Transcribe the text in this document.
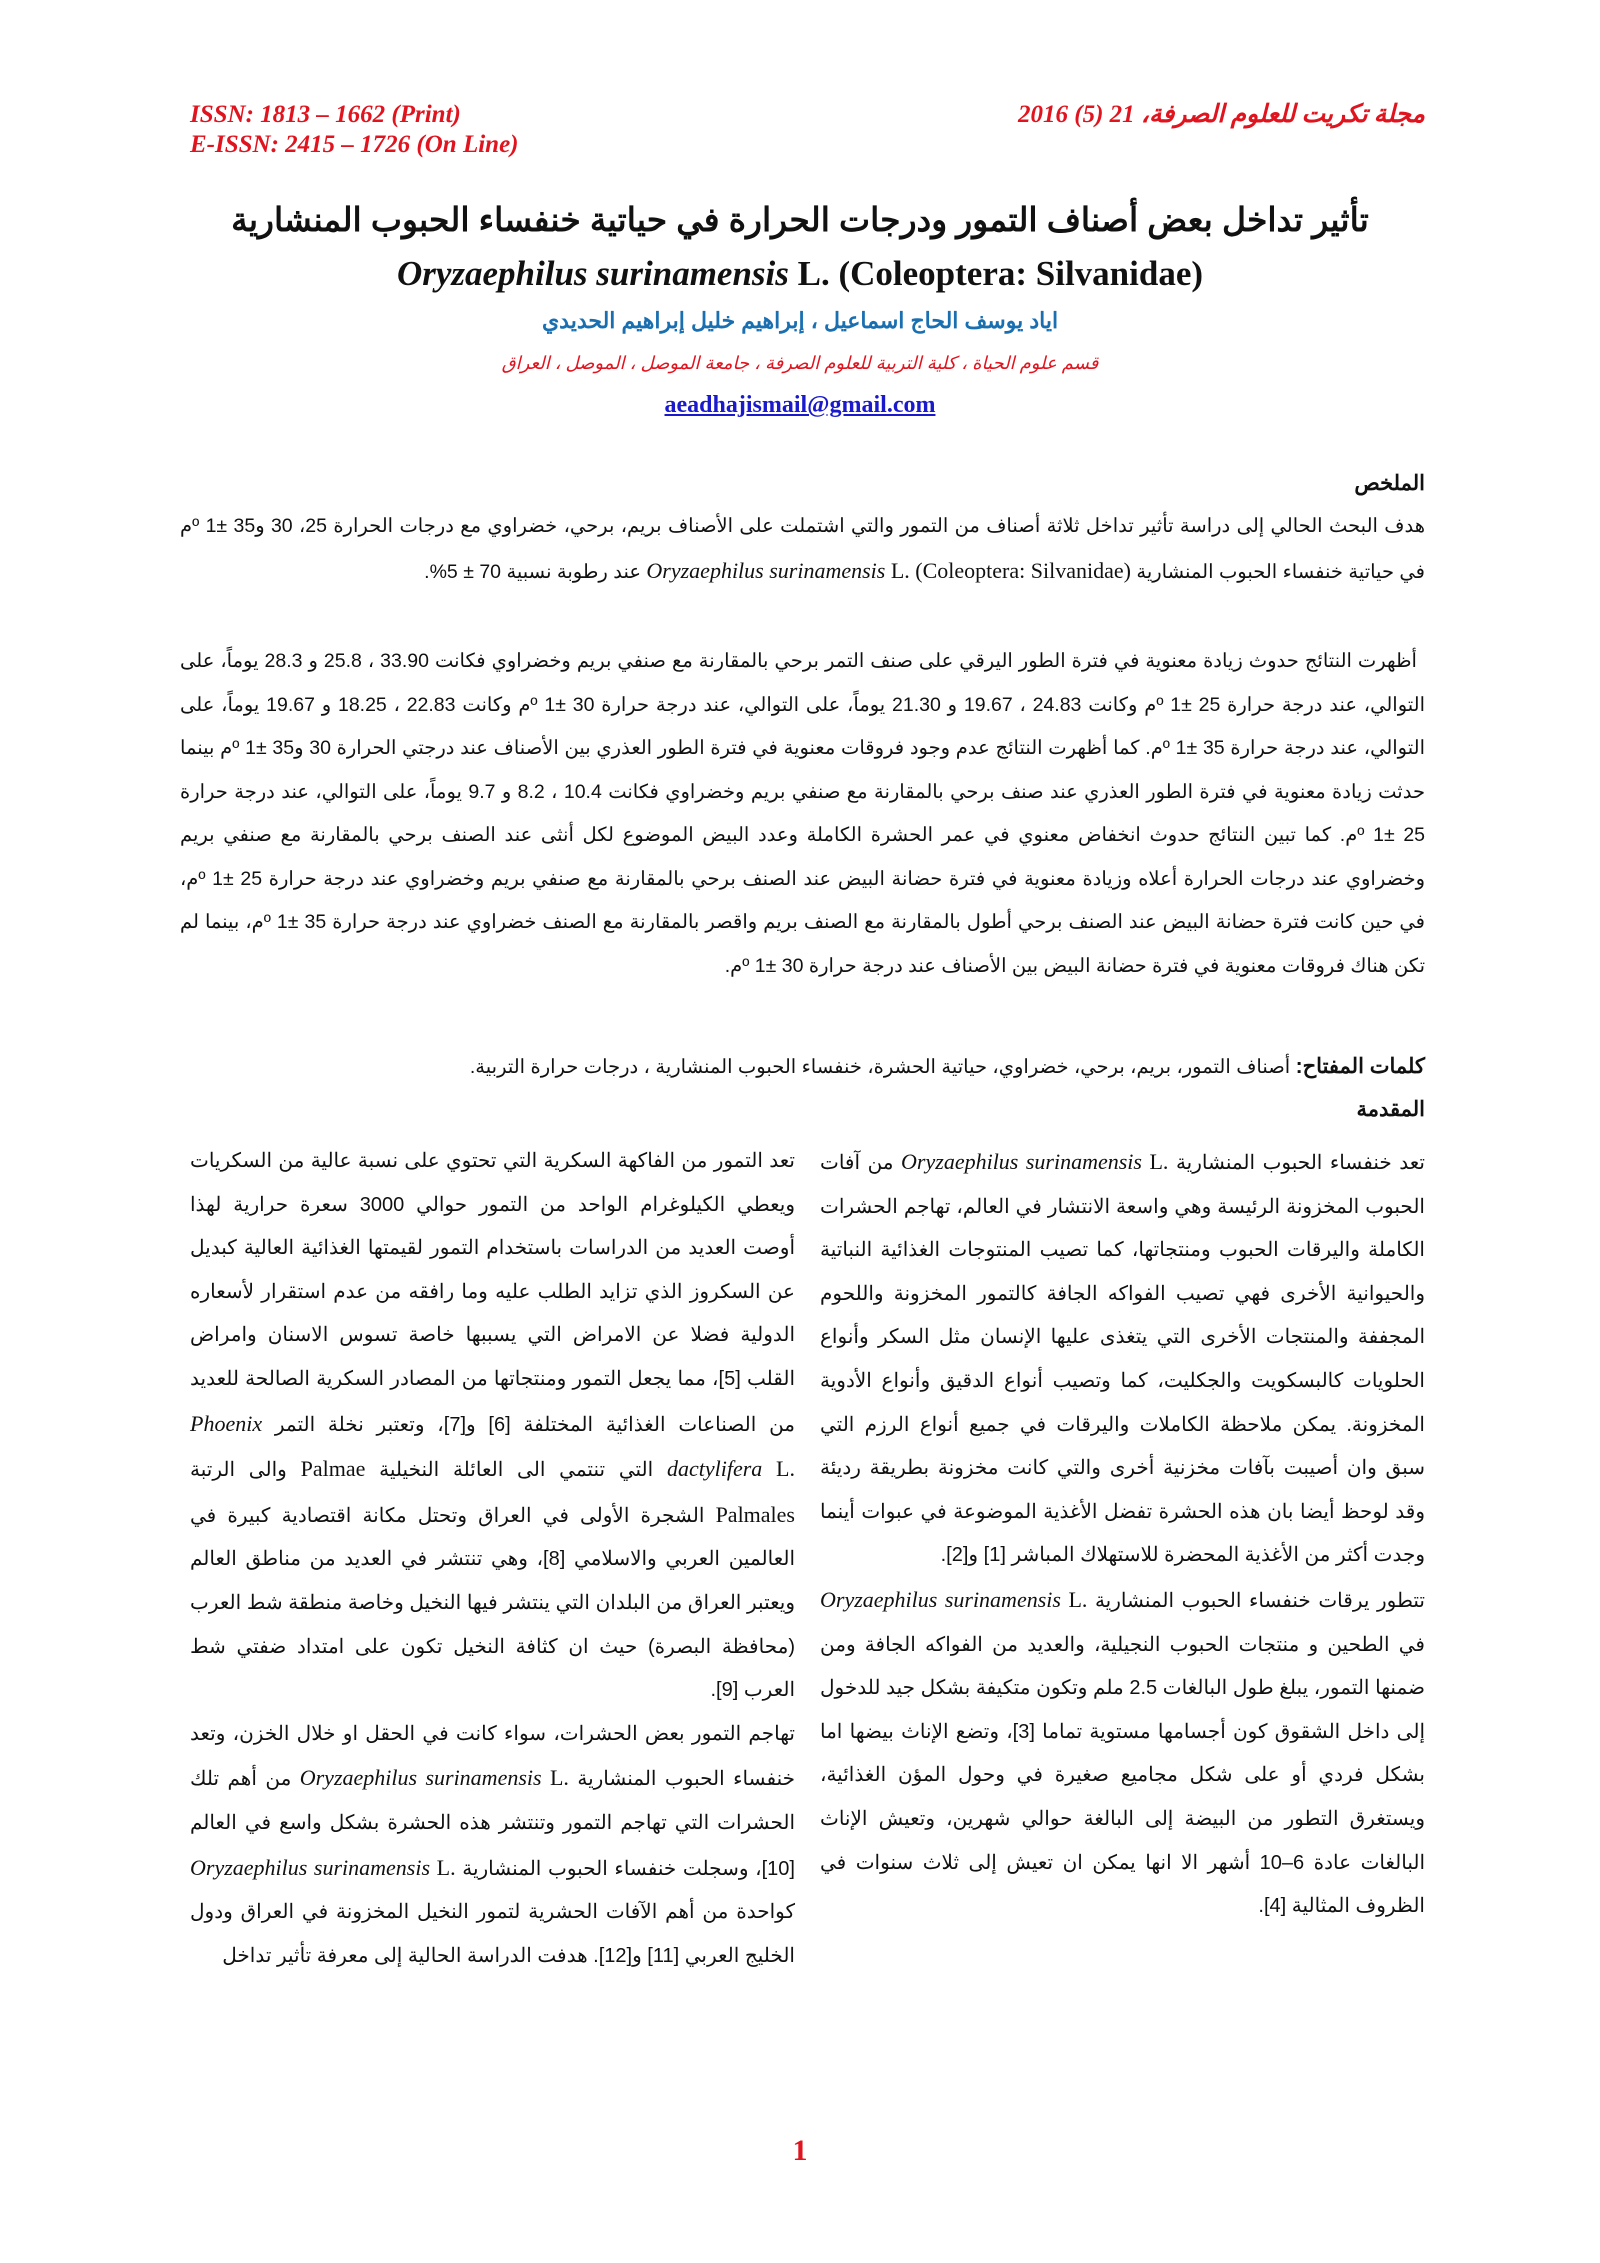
ISSN: 1813 – 1662 (Print)
E-ISSN: 2415 – 1726 (On Line)
مجلة تكريت للعلوم الصرفة، 21 (5) 2016
تأثير تداخل بعض أصناف التمور ودرجات الحرارة في حياتية خنفساء الحبوب المنشارية
Oryzaephilus surinamensis L. (Coleoptera: Silvanidae)
اياد يوسف الحاج اسماعيل ، إبراهيم خليل إبراهيم الحديدي
قسم علوم الحياة ، كلية التربية للعلوم الصرفة ، جامعة الموصل ، الموصل ، العراق
aeadhajismail@gmail.com
الملخص
هدف البحث الحالي إلى دراسة تأثير تداخل ثلاثة أصناف من التمور والتي اشتملت على الأصناف بريم، برحي، خضراوي مع درجات الحرارة 25، 30 و35 ±1 ºم في حياتية خنفساء الحبوب المنشارية Oryzaephilus surinamensis L. (Coleoptera: Silvanidae) عند رطوبة نسبية 70 ± 5%.
أظهرت النتائج حدوث زيادة معنوية في فترة الطور اليرقي على صنف التمر برحي بالمقارنة مع صنفي بريم وخضراوي فكانت 33.90 ، 25.8 و 28.3 يوماً، على التوالي، عند درجة حرارة 25 ±1 ºم وكانت 24.83 ، 19.67 و 21.30 يوماً، على التوالي، عند درجة حرارة 30 ±1 ºم وكانت 22.83 ، 18.25 و 19.67 يوماً، على التوالي، عند درجة حرارة 35 ±1 ºم. كما أظهرت النتائج عدم وجود فروقات معنوية في فترة الطور العذري بين الأصناف عند درجتي الحرارة 30 و35 ±1 ºم بينما حدثت زيادة معنوية في فترة الطور العذري عند صنف برحي بالمقارنة مع صنفي بريم وخضراوي فكانت 10.4 ، 8.2 و 9.7 يوماً، على التوالي، عند درجة حرارة 25 ±1 ºم. كما تبين النتائج حدوث انخفاض معنوي في عمر الحشرة الكاملة وعدد البيض الموضوع لكل أنثى عند الصنف برحي بالمقارنة مع صنفي بريم وخضراوي عند درجات الحرارة أعلاه وزيادة معنوية في فترة حضانة البيض عند الصنف برحي بالمقارنة مع صنفي بريم وخضراوي عند درجة حرارة 25 ±1 ºم، في حين كانت فترة حضانة البيض عند الصنف برحي أطول بالمقارنة مع الصنف بريم واقصر بالمقارنة مع الصنف خضراوي عند درجة حرارة 35 ±1 ºم، بينما لم تكن هناك فروقات معنوية في فترة حضانة البيض بين الأصناف عند درجة حرارة 30 ±1 ºم.
كلمات المفتاح: أصناف التمور، بريم، برحي، خضراوي، حياتية الحشرة، خنفساء الحبوب المنشارية ، درجات حرارة التربية.
المقدمة

تعد خنفساء الحبوب المنشارية Oryzaephilus surinamensis L. من آفات الحبوب المخزونة الرئيسة وهي واسعة الانتشار في العالم، تهاجم الحشرات الكاملة واليرقات الحبوب ومنتجاتها، كما تصيب المنتوجات الغذائية النباتية والحيوانية الأخرى فهي تصيب الفواكه الجافة كالتمور المخزونة واللحوم المجففة والمنتجات الأخرى التي يتغذى عليها الإنسان مثل السكر وأنواع الحلويات كالبسكويت والجكليت، كما وتصيب أنواع الدقيق وأنواع الأدوية المخزونة. يمكن ملاحظة الكاملات واليرقات في جميع أنواع الرزم التي سبق وان أصيبت بآفات مخزنية أخرى والتي كانت مخزونة بطريقة رديئة وقد لوحظ أيضا بان هذه الحشرة تفضل الأغذية الموضوعة في عبوات أينما وجدت أكثر من الأغذية المحضرة للاستهلاك المباشر [1] و[2].

تتطور يرقات خنفساء الحبوب المنشارية Oryzaephilus surinamensis L. في الطحين و منتجات الحبوب النجيلية، والعديد من الفواكه الجافة ومن ضمنها التمور، يبلغ طول البالغات 2.5 ملم وتكون متكيفة بشكل جيد للدخول إلى داخل الشقوق كون أجسامها مستوية تماما [3]، وتضع الإناث بيضها اما بشكل فردي أو على شكل مجاميع صغيرة في وحول المؤن الغذائية، ويستغرق التطور من البيضة إلى البالغة حوالي شهرين، وتعيش الإناث البالغات عادة 6–10 أشهر الا انها يمكن ان تعيش إلى ثلاث سنوات في الظروف المثالية [4].

تعد التمور من الفاكهة السكرية التي تحتوي على نسبة عالية من السكريات ويعطي الكيلوغرام الواحد من التمور حوالي 3000 سعرة حرارية لهذا أوصت العديد من الدراسات باستخدام التمور لقيمتها الغذائية العالية كبديل عن السكروز الذي تزايد الطلب عليه وما رافقه من عدم استقرار لأسعاره الدولية فضلا عن الامراض التي يسببها خاصة تسوس الاسنان وامراض القلب [5]، مما يجعل التمور ومنتجاتها من المصادر السكرية الصالحة للعديد من الصناعات الغذائية المختلفة [6] و[7]، وتعتبر نخلة التمر Phoenix dactylifera L. التي تنتمي الى العائلة النخيلية Palmae والى الرتبة Palmales الشجرة الأولى في العراق وتحتل مكانة اقتصادية كبيرة في العالمين العربي والاسلامي [8]، وهي تنتشر في العديد من مناطق العالم ويعتبر العراق من البلدان التي ينتشر فيها النخيل وخاصة منطقة شط العرب (محافظة البصرة) حيث ان كثافة النخيل تكون على امتداد ضفتي شط العرب [9].

تهاجم التمور بعض الحشرات، سواء كانت في الحقل او خلال الخزن، وتعد خنفساء الحبوب المنشارية Oryzaephilus surinamensis L. من أهم تلك الحشرات التي تهاجم التمور وتنتشر هذه الحشرة بشكل واسع في العالم [10]، وسجلت خنفساء الحبوب المنشارية Oryzaephilus surinamensis L. كواحدة من أهم الآفات الحشرية لتمور النخيل المخزونة في العراق ودول الخليج العربي [11] و[12]. هدفت الدراسة الحالية إلى معرفة تأثير تداخل

1
